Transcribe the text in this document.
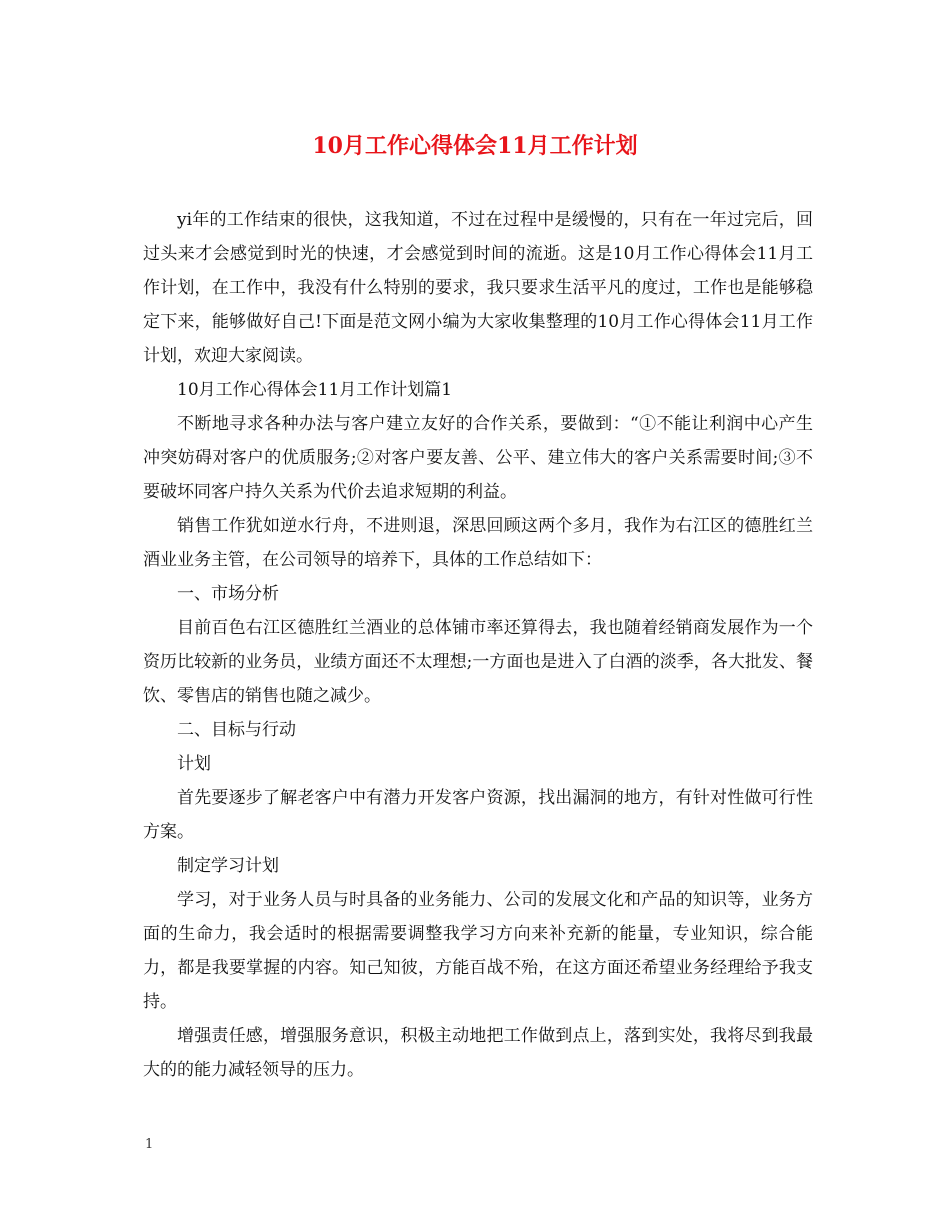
10月工作心得体会11月工作计划

yi年的工作结束的很快，这我知道，不过在过程中是缓慢的，只有在一年过完后，回过头来才会感觉到时光的快速，才会感觉到时间的流逝。这是10月工作心得体会11月工作计划，在工作中，我没有什么特别的要求，我只要求生活平凡的度过，工作也是能够稳定下来，能够做好自己!下面是范文网小编为大家收集整理的10月工作心得体会11月工作计划，欢迎大家阅读。

10月工作心得体会11月工作计划篇1

不断地寻求各种办法与客户建立友好的合作关系，要做到：“①不能让利润中心产生冲突妨碍对客户的优质服务;②对客户要友善、公平、建立伟大的客户关系需要时间;③不要破坏同客户持久关系为代价去追求短期的利益。

销售工作犹如逆水行舟，不进则退，深思回顾这两个多月，我作为右江区的德胜红兰酒业业务主管，在公司领导的培养下，具体的工作总结如下：

一、市场分析

目前百色右江区德胜红兰酒业的总体铺市率还算得去，我也随着经销商发展作为一个资历比较新的业务员，业绩方面还不太理想;一方面也是进入了白酒的淡季，各大批发、餐饮、零售店的销售也随之减少。

二、目标与行动

计划

首先要逐步了解老客户中有潜力开发客户资源，找出漏洞的地方，有针对性做可行性方案。

制定学习计划

学习，对于业务人员与时具备的业务能力、公司的发展文化和产品的知识等，业务方面的生命力，我会适时的根据需要调整我学习方向来补充新的能量，专业知识，综合能力，都是我要掌握的内容。知己知彼，方能百战不殆，在这方面还希望业务经理给予我支持。

增强责任感，增强服务意识，积极主动地把工作做到点上，落到实处，我将尽到我最大的的能力减轻领导的压力。

1
